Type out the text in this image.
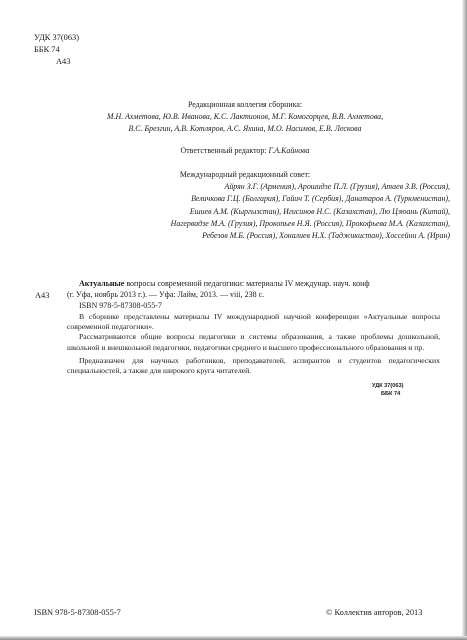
УДК 37(063)
ББК 74
А43
Редакционная коллегия сборника:
М.Н. Ахметова, Ю.В. Иванова, К.С. Лактионов, М.Г. Комогорцев, В.В. Ахметова,
В.С. Брезгин, А.В. Котляров, А.С. Яхина, М.О. Насимов, Е.В. Лескова
Ответственный редактор: Г.А.Кайнова
Международный редакционный совет:
Айрян З.Г. (Армения), Арошидзе П.Л. (Грузия), Атаев З.В. (Россия),
Величкова Г.Ц. (Болгария), Гайич Т. (Сербия), Данатаров А. (Туркменистан),
Ешиев А.М. (Кыргызстан), Игисинов Н.С. (Казахстан), Лю Цзюань (Китай),
Нагервадзе М.А. (Грузия), Прокопьев Н.Я. (Россия), Прокофьева М.А. (Казахстан),
Ребезов М.Б. (Россия), Хоналиев Н.Х. (Таджикистан), Хоссейни А. (Иран)
А43
Актуальные вопросы современной педагогики: материалы IV междунар. науч. конф
(г. Уфа, ноябрь 2013 г.). — Уфа: Лайм, 2013. — viii, 238 с.
ISBN 978-5-87308-055-7

В сборнике представлены материалы IV международной научной конференции «Актуальные вопросы современной педагогики».

Рассматриваются общие вопросы педагогики и системы образования, а также проблемы дошкольной, школьной и внешкольной педагогики, педагогики среднего и высшего профессионального образования и пр.

Предназначен для научных работников, преподавателей, аспирантов и студентов педагогических специальностей, а также для широкого круга читателей.

УДК 37(063)
ББК 74
ISBN 978-5-87308-055-7	© Коллектив авторов, 2013
